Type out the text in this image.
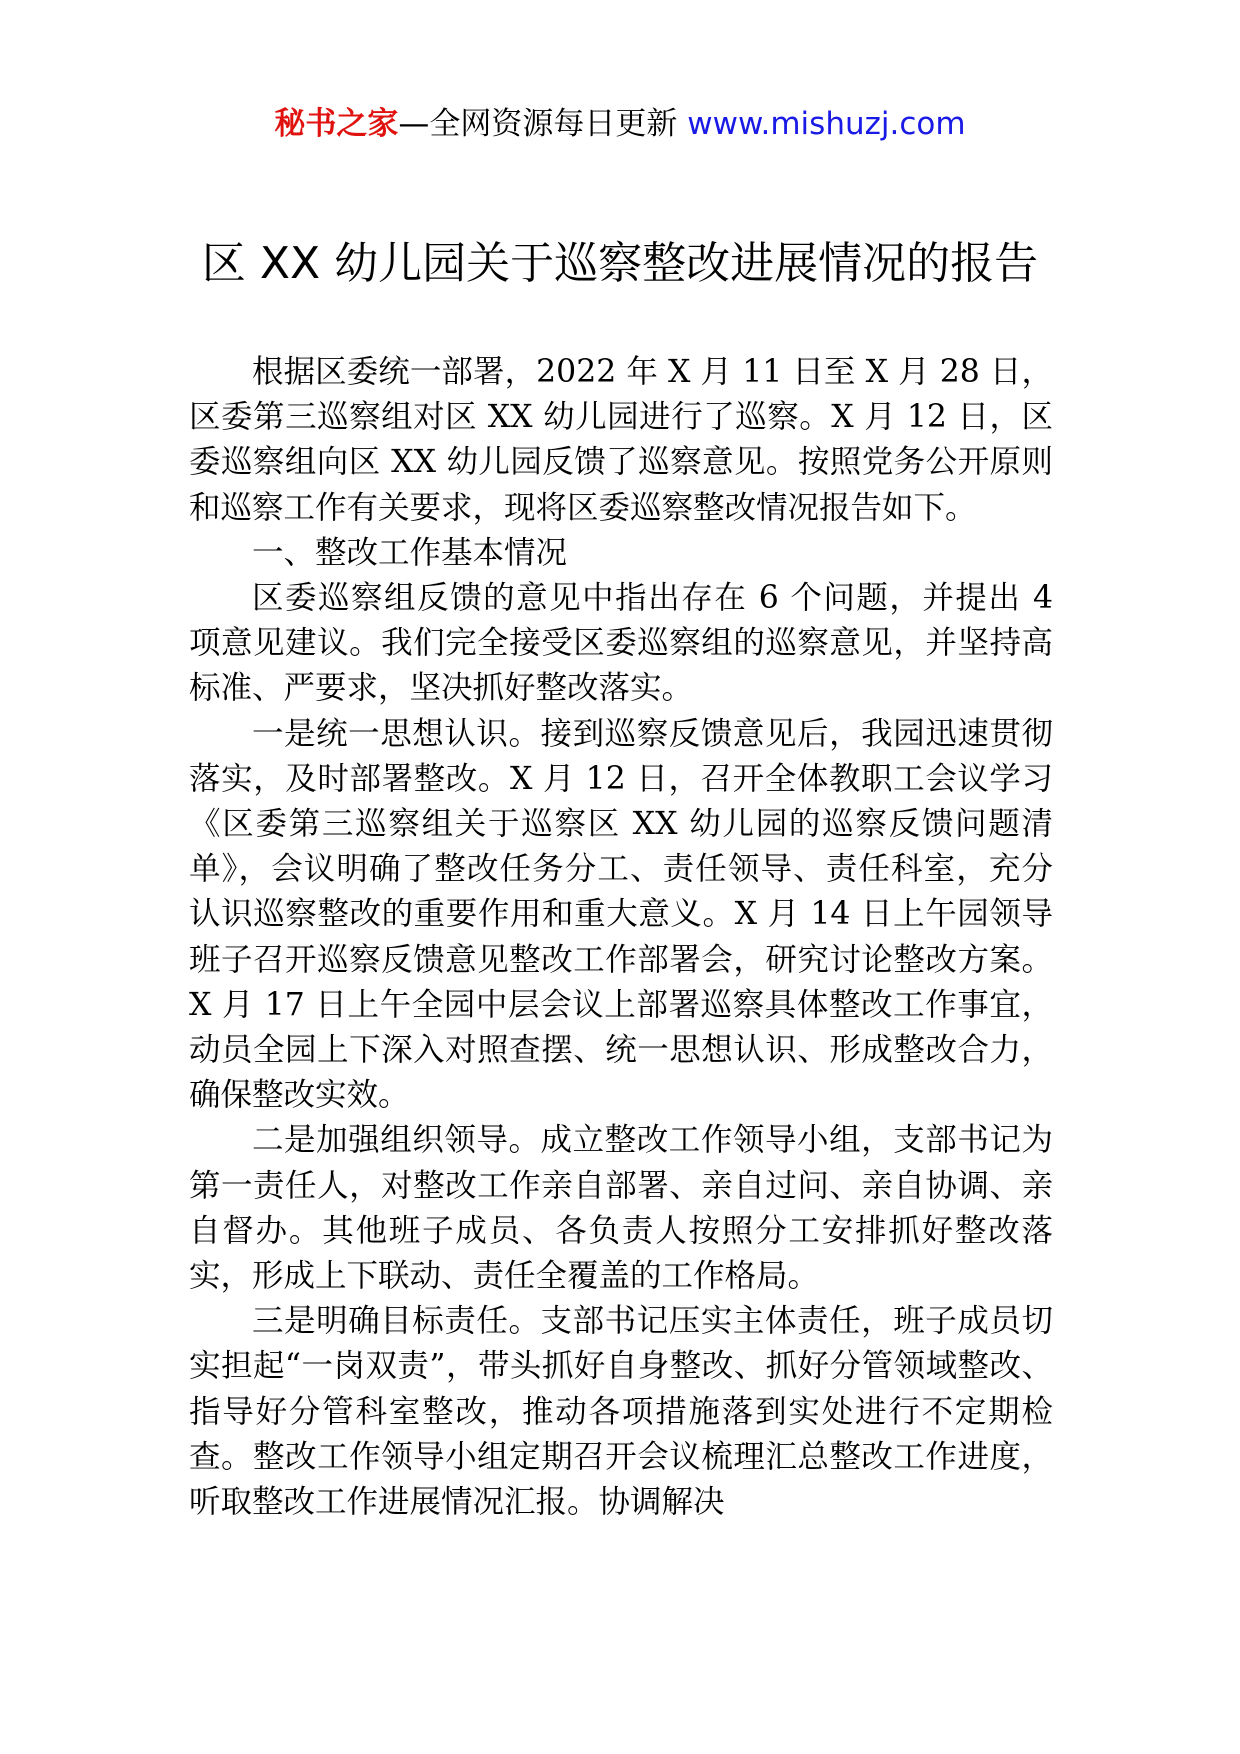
秘书之家—全网资源每日更新 www.mishuzj.com
区 XX 幼儿园关于巡察整改进展情况的报告

根据区委统一部署，2022 年 X 月 11 日至 X 月 28 日，区委第三巡察组对区 XX 幼儿园进行了巡察。X 月 12 日，区委巡察组向区 XX 幼儿园反馈了巡察意见。按照党务公开原则和巡察工作有关要求，现将区委巡察整改情况报告如下。

一、整改工作基本情况

区委巡察组反馈的意见中指出存在 6 个问题，并提出 4 项意见建议。我们完全接受区委巡察组的巡察意见，并坚持高标准、严要求，坚决抓好整改落实。

一是统一思想认识。接到巡察反馈意见后，我园迅速贯彻落实，及时部署整改。X 月 12 日，召开全体教职工会议学习《区委第三巡察组关于巡察区 XX 幼儿园的巡察反馈问题清单》，会议明确了整改任务分工、责任领导、责任科室，充分认识巡察整改的重要作用和重大意义。X 月 14 日上午园领导班子召开巡察反馈意见整改工作部署会，研究讨论整改方案。X 月 17 日上午全园中层会议上部署巡察具体整改工作事宜，动员全园上下深入对照查摆、统一思想认识、形成整改合力，确保整改实效。

二是加强组织领导。成立整改工作领导小组，支部书记为第一责任人，对整改工作亲自部署、亲自过问、亲自协调、亲自督办。其他班子成员、各负责人按照分工安排抓好整改落实，形成上下联动、责任全覆盖的工作格局。

三是明确目标责任。支部书记压实主体责任，班子成员切实担起“一岗双责”，带头抓好自身整改、抓好分管领域整改、指导好分管科室整改，推动各项措施落到实处进行不定期检查。整改工作领导小组定期召开会议梳理汇总整改工作进度，听取整改工作进展情况汇报。协调解决
